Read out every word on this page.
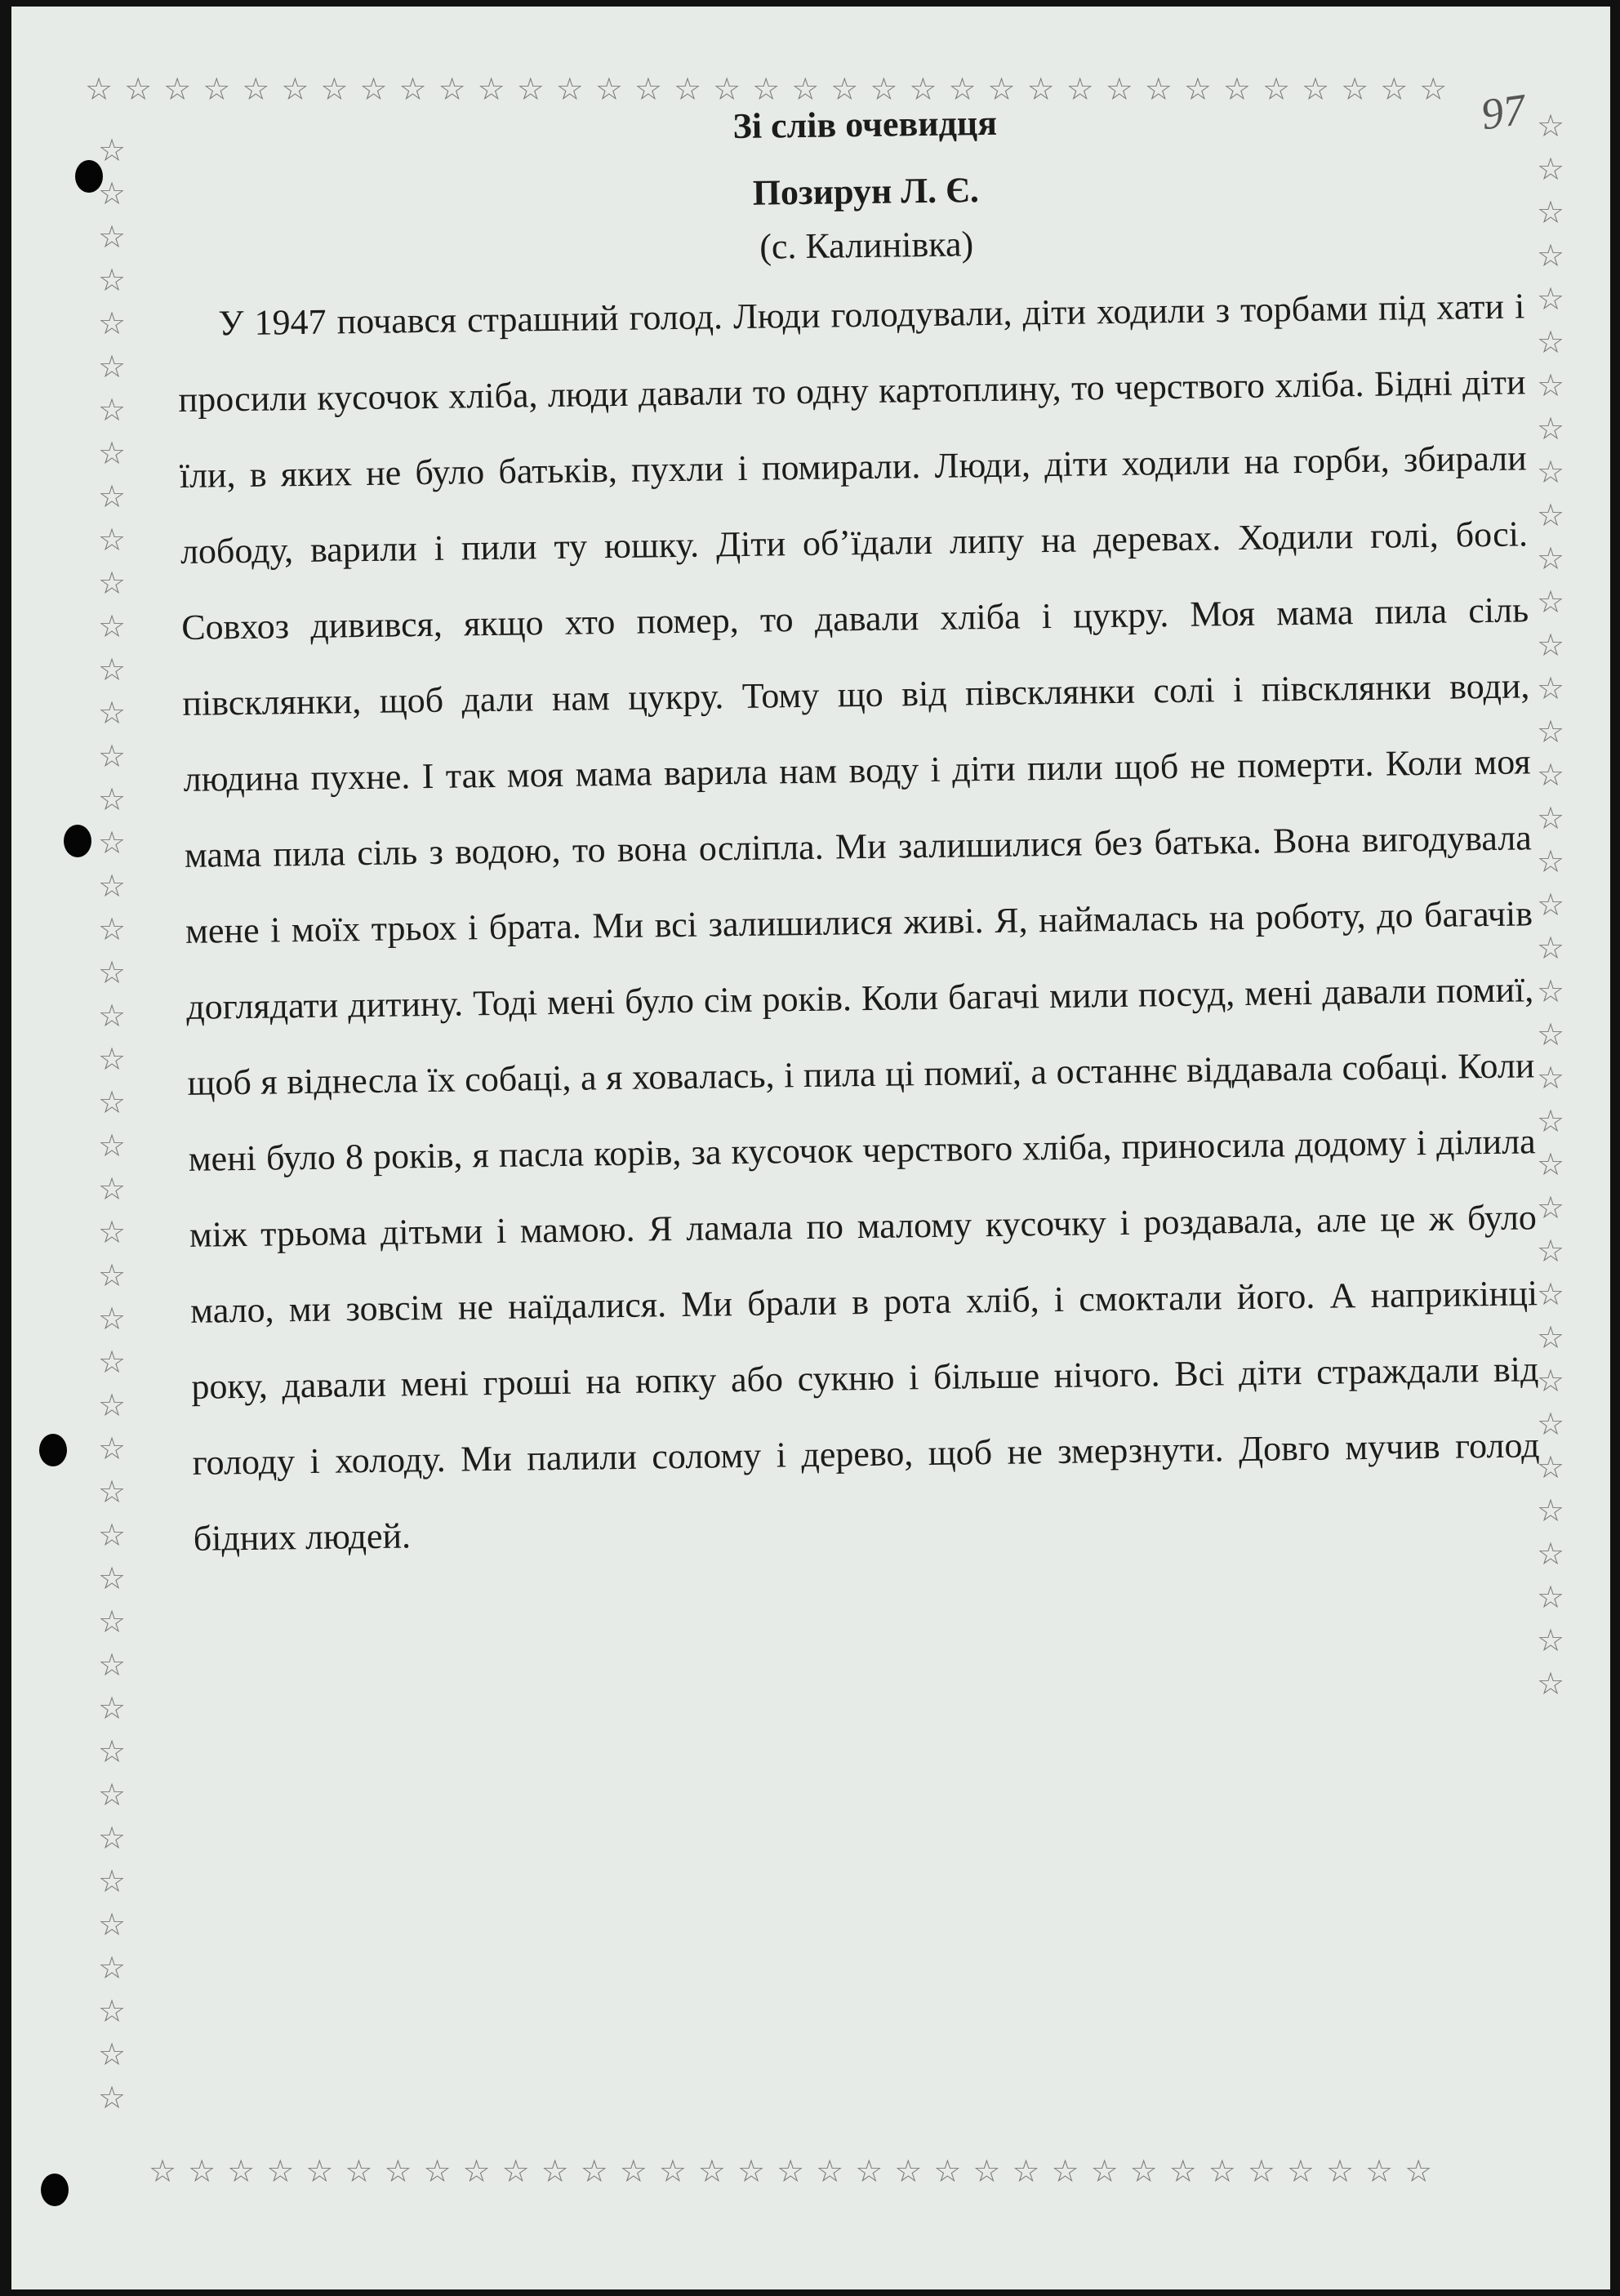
☆☆☆☆☆☆☆☆☆☆☆☆☆☆☆☆☆☆☆☆☆☆☆☆☆☆☆☆☆☆☆☆☆☆☆
☆☆☆☆☆☆☆☆☆☆☆☆☆☆☆☆☆☆☆☆☆☆☆☆☆☆☆☆☆☆☆☆☆☆☆☆☆☆☆☆☆☆☆☆☆☆
☆☆☆☆☆☆☆☆☆☆☆☆☆☆☆☆☆☆☆☆☆☆☆☆☆☆☆☆☆☆☆☆☆☆☆☆☆
☆☆☆☆☆☆☆☆☆☆☆☆☆☆☆☆☆☆☆☆☆☆☆☆☆☆☆☆☆☆☆☆☆
97
Зі слів очевидця
Позирун Л. Є.
(с. Калинівка)

У 1947 почався страшний голод. Люди голодували, діти ходили з торбами під хати і просили кусочок хліба, люди давали то одну картоплину, то черствого хліба. Бідні діти їли, в яких не було батьків, пухли і помирали. Люди, діти ходили на горби, збирали лободу, варили і пили ту юшку. Діти об’їдали липу на деревах. Ходили голі, босі. Совхоз дивився, якщо хто помер, то давали хліба і цукру. Моя мама пила сіль півсклянки, щоб дали нам цукру. Тому що від півсклянки солі і півсклянки води, людина пухне. І так моя мама варила нам воду і діти пили щоб не померти. Коли моя мама пила сіль з водою, то вона осліпла. Ми залишилися без батька. Вона вигодувала мене і моїх трьох і брата. Ми всі залишилися живі. Я, наймалась на роботу, до багачів доглядати дитину. Тоді мені було сім років. Коли багачі мили посуд, мені давали помиї, щоб я віднесла їх собаці, а я ховалась, і пила ці помиї, а останнє віддавала собаці. Коли мені було 8 років, я пасла корів, за кусочок черствого хліба, приносила додому і ділила між трьома дітьми і мамою. Я ламала по малому кусочку і роздавала, але це ж було мало, ми зовсім не наїдалися. Ми брали в рота хліб, і смоктали його. А наприкінці року, давали мені гроші на юпку або сукню і більше нічого. Всі діти страждали від голоду і холоду. Ми палили солому і дерево, щоб не змерзнути. Довго мучив голод бідних людей.
